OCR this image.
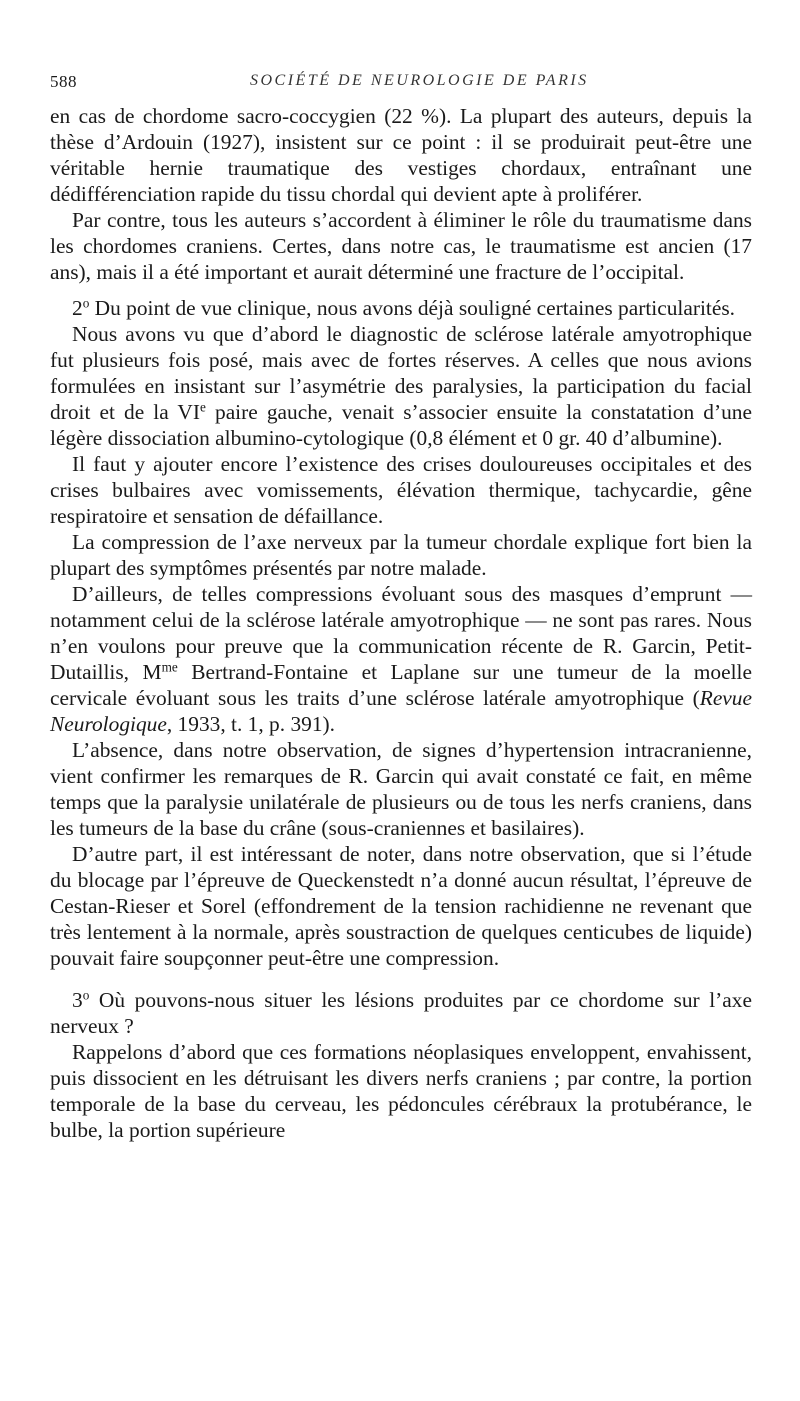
588	SOCIÉTÉ DE NEUROLOGIE DE PARIS

en cas de chordome sacro-coccygien (22 %). La plupart des auteurs, depuis la thèse d’Ardouin (1927), insistent sur ce point : il se produirait peut-être une véritable hernie traumatique des vestiges chordaux, entraînant une dédifférenciation rapide du tissu chordal qui devient apte à proliférer.

Par contre, tous les auteurs s’accordent à éliminer le rôle du traumatisme dans les chordomes craniens. Certes, dans notre cas, le traumatisme est ancien (17 ans), mais il a été important et aurait déterminé une fracture de l’occipital.

2$^o$ Du point de vue clinique, nous avons déjà souligné certaines particularités.

Nous avons vu que d’abord le diagnostic de sclérose latérale amyotrophique fut plusieurs fois posé, mais avec de fortes réserves. A celles que nous avions formulées en insistant sur l’asymétrie des paralysies, la participation du facial droit et de la VIe paire gauche, venait s’associer ensuite la constatation d’une légère dissociation albumino-cytologique (0,8 élément et 0 gr. 40 d’albumine).

Il faut y ajouter encore l’existence des crises douloureuses occipitales et des crises bulbaires avec vomissements, élévation thermique, tachycardie, gêne respiratoire et sensation de défaillance.

La compression de l’axe nerveux par la tumeur chordale explique fort bien la plupart des symptômes présentés par notre malade.

D’ailleurs, de telles compressions évoluant sous des masques d’emprunt — notamment celui de la sclérose latérale amyotrophique — ne sont pas rares. Nous n’en voulons pour preuve que la communication récente de R. Garcin, Petit-Dutaillis, $M^{me}$ Bertrand-Fontaine et Laplane sur une tumeur de la moelle cervicale évoluant sous les traits d’une sclérose latérale amyotrophique (Revue Neurologique, 1933, t. 1, p. 391).

L’absence, dans notre observation, de signes d’hypertension intracranienne, vient confirmer les remarques de R. Garcin qui avait constaté ce fait, en même temps que la paralysie unilatérale de plusieurs ou de tous les nerfs craniens, dans les tumeurs de la base du crâne (sous-craniennes et basilaires).

D’autre part, il est intéressant de noter, dans notre observation, que si l’étude du blocage par l’épreuve de Queckenstedt n’a donné aucun résultat, l’épreuve de Cestan-Rieser et Sorel (effondrement de la tension rachidienne ne revenant que très lentement à la normale, après soustraction de quelques centicubes de liquide) pouvait faire soupçonner peut-être une compression.

3$^o$ Où pouvons-nous situer les lésions produites par ce chordome sur l’axe nerveux ?

Rappelons d’abord que ces formations néoplasiques enveloppent, envahissent, puis dissocient en les détruisant les divers nerfs craniens ; par contre, la portion temporale de la base du cerveau, les pédoncules cérébraux la protubérance, le bulbe, la portion supérieure
